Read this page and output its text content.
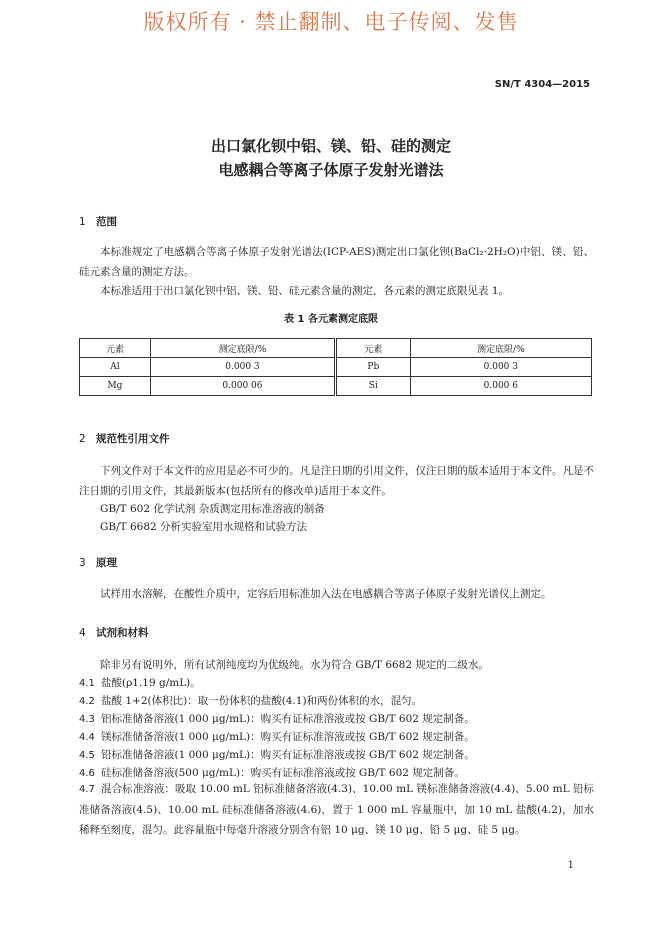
版权所有 · 禁止翻制、电子传阅、发售
SN/T 4304—2015
出口氯化钡中铝、镁、铅、硅的测定
电感耦合等离子体原子发射光谱法
1 范围
本标准规定了电感耦合等离子体原子发射光谱法(ICP-AES)测定出口氯化钡(BaCl₂·2H₂O)中铝、镁、铅、硅元素含量的测定方法。
本标准适用于出口氯化钡中铝、镁、铅、硅元素含量的测定，各元素的测定底限见表 1。
表 1 各元素测定底限
元素	测定底限/%	元素	测定底限/%
Al	0.000 3	Pb	0.000 3
Mg	0.000 06	Si	0.000 6
2 规范性引用文件
下列文件对于本文件的应用是必不可少的。凡是注日期的引用文件，仅注日期的版本适用于本文件。凡是不注日期的引用文件，其最新版本(包括所有的修改单)适用于本文件。
GB/T 602 化学试剂 杂质测定用标准溶液的制备
GB/T 6682 分析实验室用水规格和试验方法
3 原理
试样用水溶解，在酸性介质中，定容后用标准加入法在电感耦合等离子体原子发射光谱仪上测定。
4 试剂和材料
除非另有说明外，所有试剂纯度均为优级纯。水为符合 GB/T 6682 规定的二级水。
4.1 盐酸(ρ1.19 g/mL)。
4.2 盐酸 1+2(体积比)：取一份体积的盐酸(4.1)和两份体积的水，混匀。
4.3 铝标准储备溶液(1 000 μg/mL)：购买有证标准溶液或按 GB/T 602 规定制备。
4.4 镁标准储备溶液(1 000 μg/mL)：购买有证标准溶液或按 GB/T 602 规定制备。
4.5 铅标准储备溶液(1 000 μg/mL)：购买有证标准溶液或按 GB/T 602 规定制备。
4.6 硅标准储备溶液(500 μg/mL)：购买有证标准溶液或按 GB/T 602 规定制备。
4.7 混合标准溶液：吸取 10.00 mL 铝标准储备溶液(4.3)、10.00 mL 镁标准储备溶液(4.4)、5.00 mL 铅标准储备溶液(4.5)、10.00 mL 硅标准储备溶液(4.6)，置于 1 000 mL 容量瓶中，加 10 mL 盐酸(4.2)，加水稀释至刻度，混匀。此容量瓶中每毫升溶液分别含有铝 10 μg、镁 10 μg、铅 5 μg、硅 5 μg。
1
